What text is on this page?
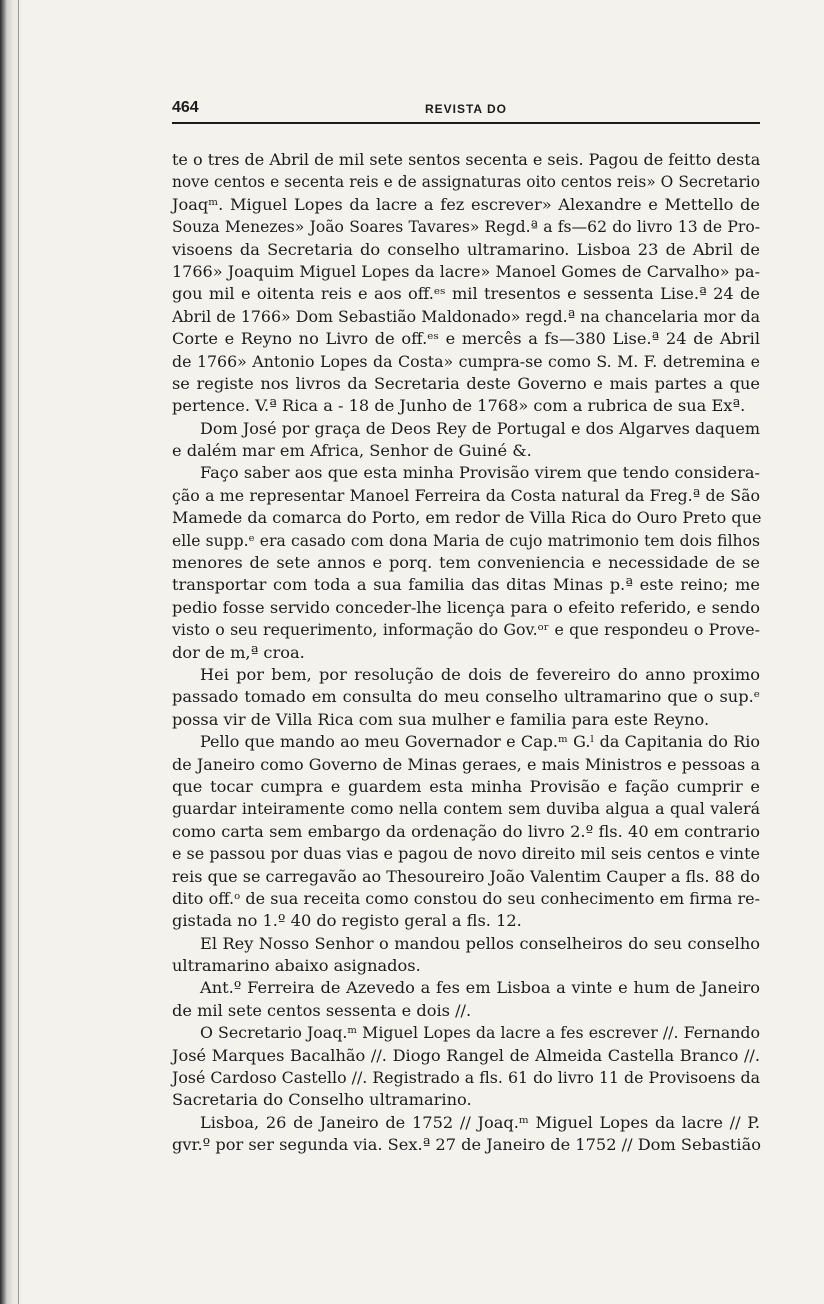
464	REVISTA DO
te o tres de Abril de mil sete sentos secenta e seis. Pagou de feitto desta
nove centos e secenta reis e de assignaturas oito centos reis» O Secretario
Joaqᵐ. Miguel Lopes da lacre a fez escrever» Alexandre e Mettello de
Souza Menezes» João Soares Tavares» Regd.ª a fs—62 do livro 13 de Pro-
visoens da Secretaria do conselho ultramarino. Lisboa 23 de Abril de
1766» Joaquim Miguel Lopes da lacre» Manoel Gomes de Carvalho» pa-
gou mil e oitenta reis e aos off.ᵉˢ mil tresentos e sessenta Lise.ª 24 de
Abril de 1766» Dom Sebastião Maldonado» regd.ª na chancelaria mor da
Corte e Reyno no Livro de off.ᵉˢ e mercês a fs—380 Lise.ª 24 de Abril
de 1766» Antonio Lopes da Costa» cumpra-se como S. M. F. detremina e
se registe nos livros da Secretaria deste Governo e mais partes a que
pertence. V.ª Rica a - 18 de Junho de 1768» com a rubrica de sua Exª.
Dom José por graça de Deos Rey de Portugal e dos Algarves daquem
e dalém mar em Africa, Senhor de Guiné &.
Faço saber aos que esta minha Provisão virem que tendo considera-
ção a me representar Manoel Ferreira da Costa natural da Freg.ª de São
Mamede da comarca do Porto, em redor de Villa Rica do Ouro Preto que
elle supp.ᵉ era casado com dona Maria de cujo matrimonio tem dois filhos
menores de sete annos e porq. tem conveniencia e necessidade de se
transportar com toda a sua familia das ditas Minas p.ª este reino; me
pedio fosse servido conceder-lhe licença para o efeito referido, e sendo
visto o seu requerimento, informação do Gov.ᵒʳ e que respondeu o Prove-
dor de m,ª croa.
Hei por bem, por resolução de dois de fevereiro do anno proximo
passado tomado em consulta do meu conselho ultramarino que o sup.ᵉ
possa vir de Villa Rica com sua mulher e familia para este Reyno.
Pello que mando ao meu Governador e Cap.ᵐ G.ˡ da Capitania do Rio
de Janeiro como Governo de Minas geraes, e mais Ministros e pessoas a
que tocar cumpra e guardem esta minha Provisão e fação cumprir e
guardar inteiramente como nella contem sem duviba algua a qual valerá
como carta sem embargo da ordenação do livro 2.º fls. 40 em contrario
e se passou por duas vias e pagou de novo direito mil seis centos e vinte
reis que se carregavão ao Thesoureiro João Valentim Cauper a fls. 88 do
dito off.ᵒ de sua receita como constou do seu conhecimento em firma re-
gistada no 1.º 40 do registo geral a fls. 12.
El Rey Nosso Senhor o mandou pellos conselheiros do seu conselho
ultramarino abaixo asignados.
Ant.º Ferreira de Azevedo a fes em Lisboa a vinte e hum de Janeiro
de mil sete centos sessenta e dois //.
O Secretario Joaq.ᵐ Miguel Lopes da lacre a fes escrever //. Fernando
José Marques Bacalhão //. Diogo Rangel de Almeida Castella Branco //.
José Cardoso Castello //. Registrado a fls. 61 do livro 11 de Provisoens da
Sacretaria do Conselho ultramarino.
Lisboa, 26 de Janeiro de 1752 // Joaq.ᵐ Miguel Lopes da lacre // P.
gvr.º por ser segunda via. Sex.ª 27 de Janeiro de 1752 // Dom Sebastião
